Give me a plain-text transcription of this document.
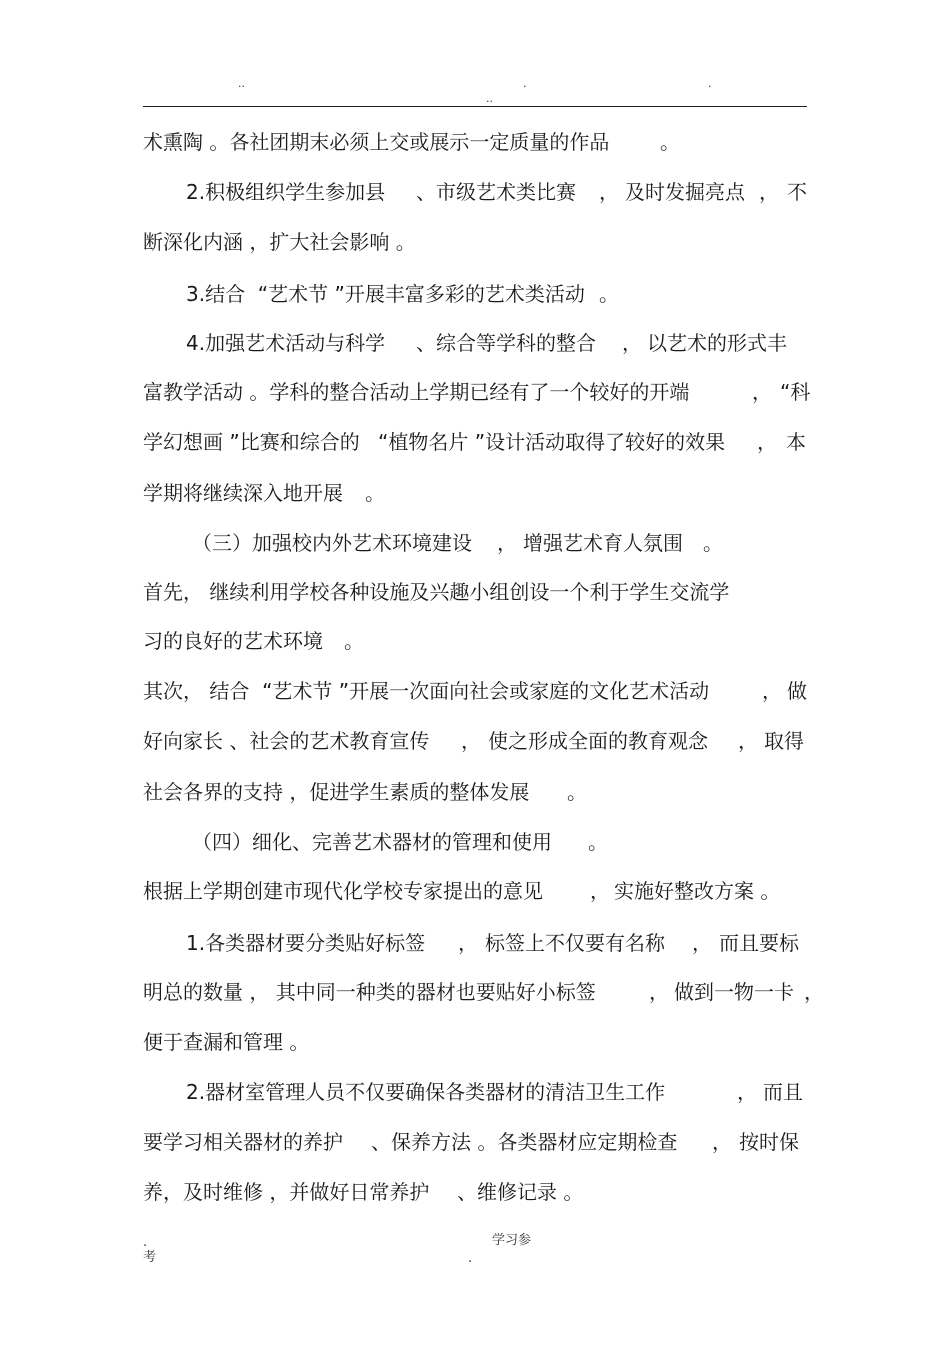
..	.	.
..

术熏陶 。各社团期末必须上交或展示一定质量的作品

	。

2.积极组织学生参加县

、市级艺术类比赛

，

及时发掘亮点

，

不

断深化内涵 ，扩大社会影响 。

3.结合  “艺术节 ”开展丰富多彩的艺术类活动

。

4.加强艺术活动与科学

、综合等学科的整合

，

以艺术的形式丰

富教学活动 。学科的整合活动上学期已经有了一个较好的开端

	，

“科

学幻想画 ”比赛和综合的

“植物名片 ”设计活动取得了较好的效果

，

本

学期将继续深入地开展

。

（三）加强校内外艺术环境建设

，

增强艺术育人氛围

。

首先， 继续利用学校各种设施及兴趣小组创设一个利于学生交流学

习的良好的艺术环境

。

其次， 结合  “艺术节 ”开展一次面向社会或家庭的文化艺术活动

	，

做

好向家长 、社会的艺术教育宣传

，

使之形成全面的教育观念

，

取得

社会各界的支持 ，促进学生素质的整体发展

。

（四）细化、完善艺术器材的管理和使用

。

根据上学期创建市现代化学校专家提出的意见

，

实施好整改方案 。

1.各类器材要分类贴好标签

，

标签上不仅要有名称

，

而且要标

明总的数量 ， 其中同一种类的器材也要贴好小标签

	，

做到一物一卡

，

便于查漏和管理 。

2.器材室管理人员不仅要确保各类器材的清洁卫生工作

	，

而且

要学习相关器材的养护

、保养方法 。各类器材应定期检查

，

按时保

养，及时维修 ，并做好日常养护

、维修记录 。

.
考
学习参
.
